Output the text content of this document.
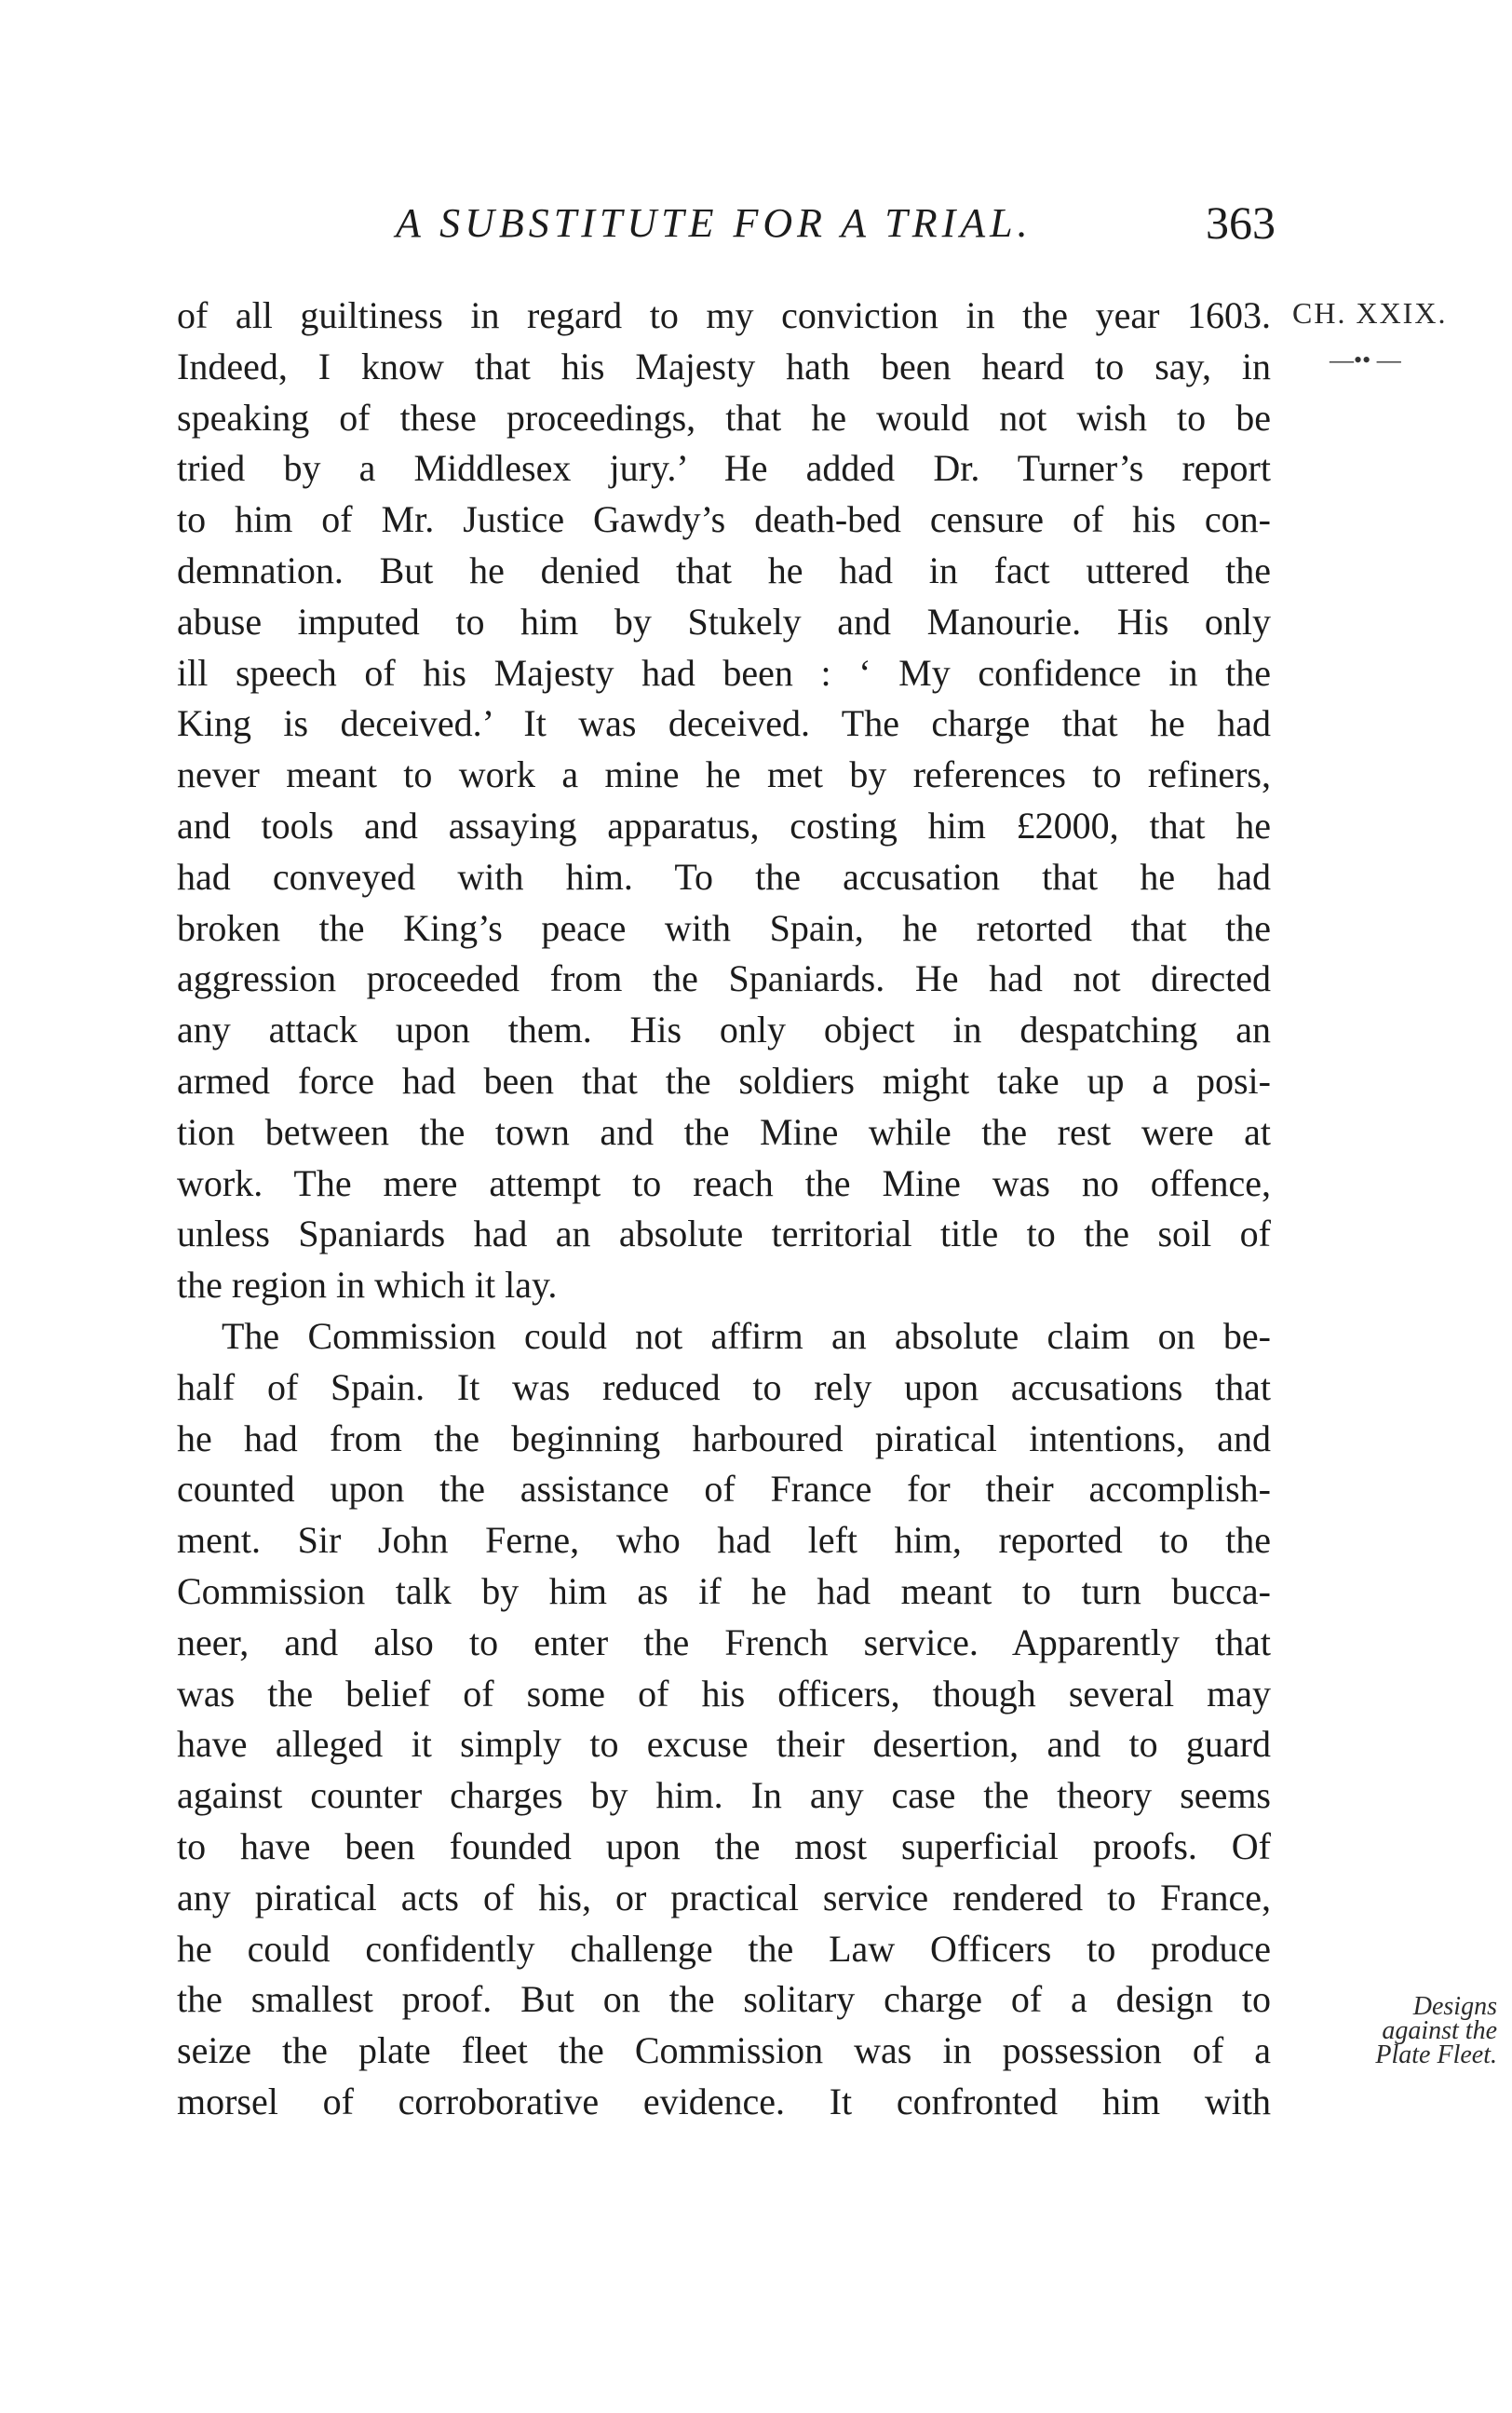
A SUBSTITUTE FOR A TRIAL.	363
CH. XXIX.
—•• —
Designs
against the
Plate Fleet.
of all guiltiness in regard to my conviction in the year 1603.
Indeed, I know that his Majesty hath been heard to say, in
speaking of these proceedings, that he would not wish to be
tried by a Middlesex jury.’ He added Dr. Turner’s report
to him of Mr. Justice Gawdy’s death-bed censure of his con-
demnation. But he denied that he had in fact uttered the
abuse imputed to him by Stukely and Manourie. His only
ill speech of his Majesty had been : ‘ My confidence in the
King is deceived.’ It was deceived. The charge that he had
never meant to work a mine he met by references to refiners,
and tools and assaying apparatus, costing him £2000, that he
had conveyed with him. To the accusation that he had
broken the King’s peace with Spain, he retorted that the
aggression proceeded from the Spaniards. He had not directed
any attack upon them. His only object in despatching an
armed force had been that the soldiers might take up a posi-
tion between the town and the Mine while the rest were at
work. The mere attempt to reach the Mine was no offence,
unless Spaniards had an absolute territorial title to the soil of
the region in which it lay.
The Commission could not affirm an absolute claim on be-
half of Spain. It was reduced to rely upon accusations that
he had from the beginning harboured piratical intentions, and
counted upon the assistance of France for their accomplish-
ment. Sir John Ferne, who had left him, reported to the
Commission talk by him as if he had meant to turn bucca-
neer, and also to enter the French service. Apparently that
was the belief of some of his officers, though several may
have alleged it simply to excuse their desertion, and to guard
against counter charges by him. In any case the theory seems
to have been founded upon the most superficial proofs. Of
any piratical acts of his, or practical service rendered to France,
he could confidently challenge the Law Officers to produce
the smallest proof. But on the solitary charge of a design to
seize the plate fleet the Commission was in possession of a
morsel of corroborative evidence. It confronted him with
